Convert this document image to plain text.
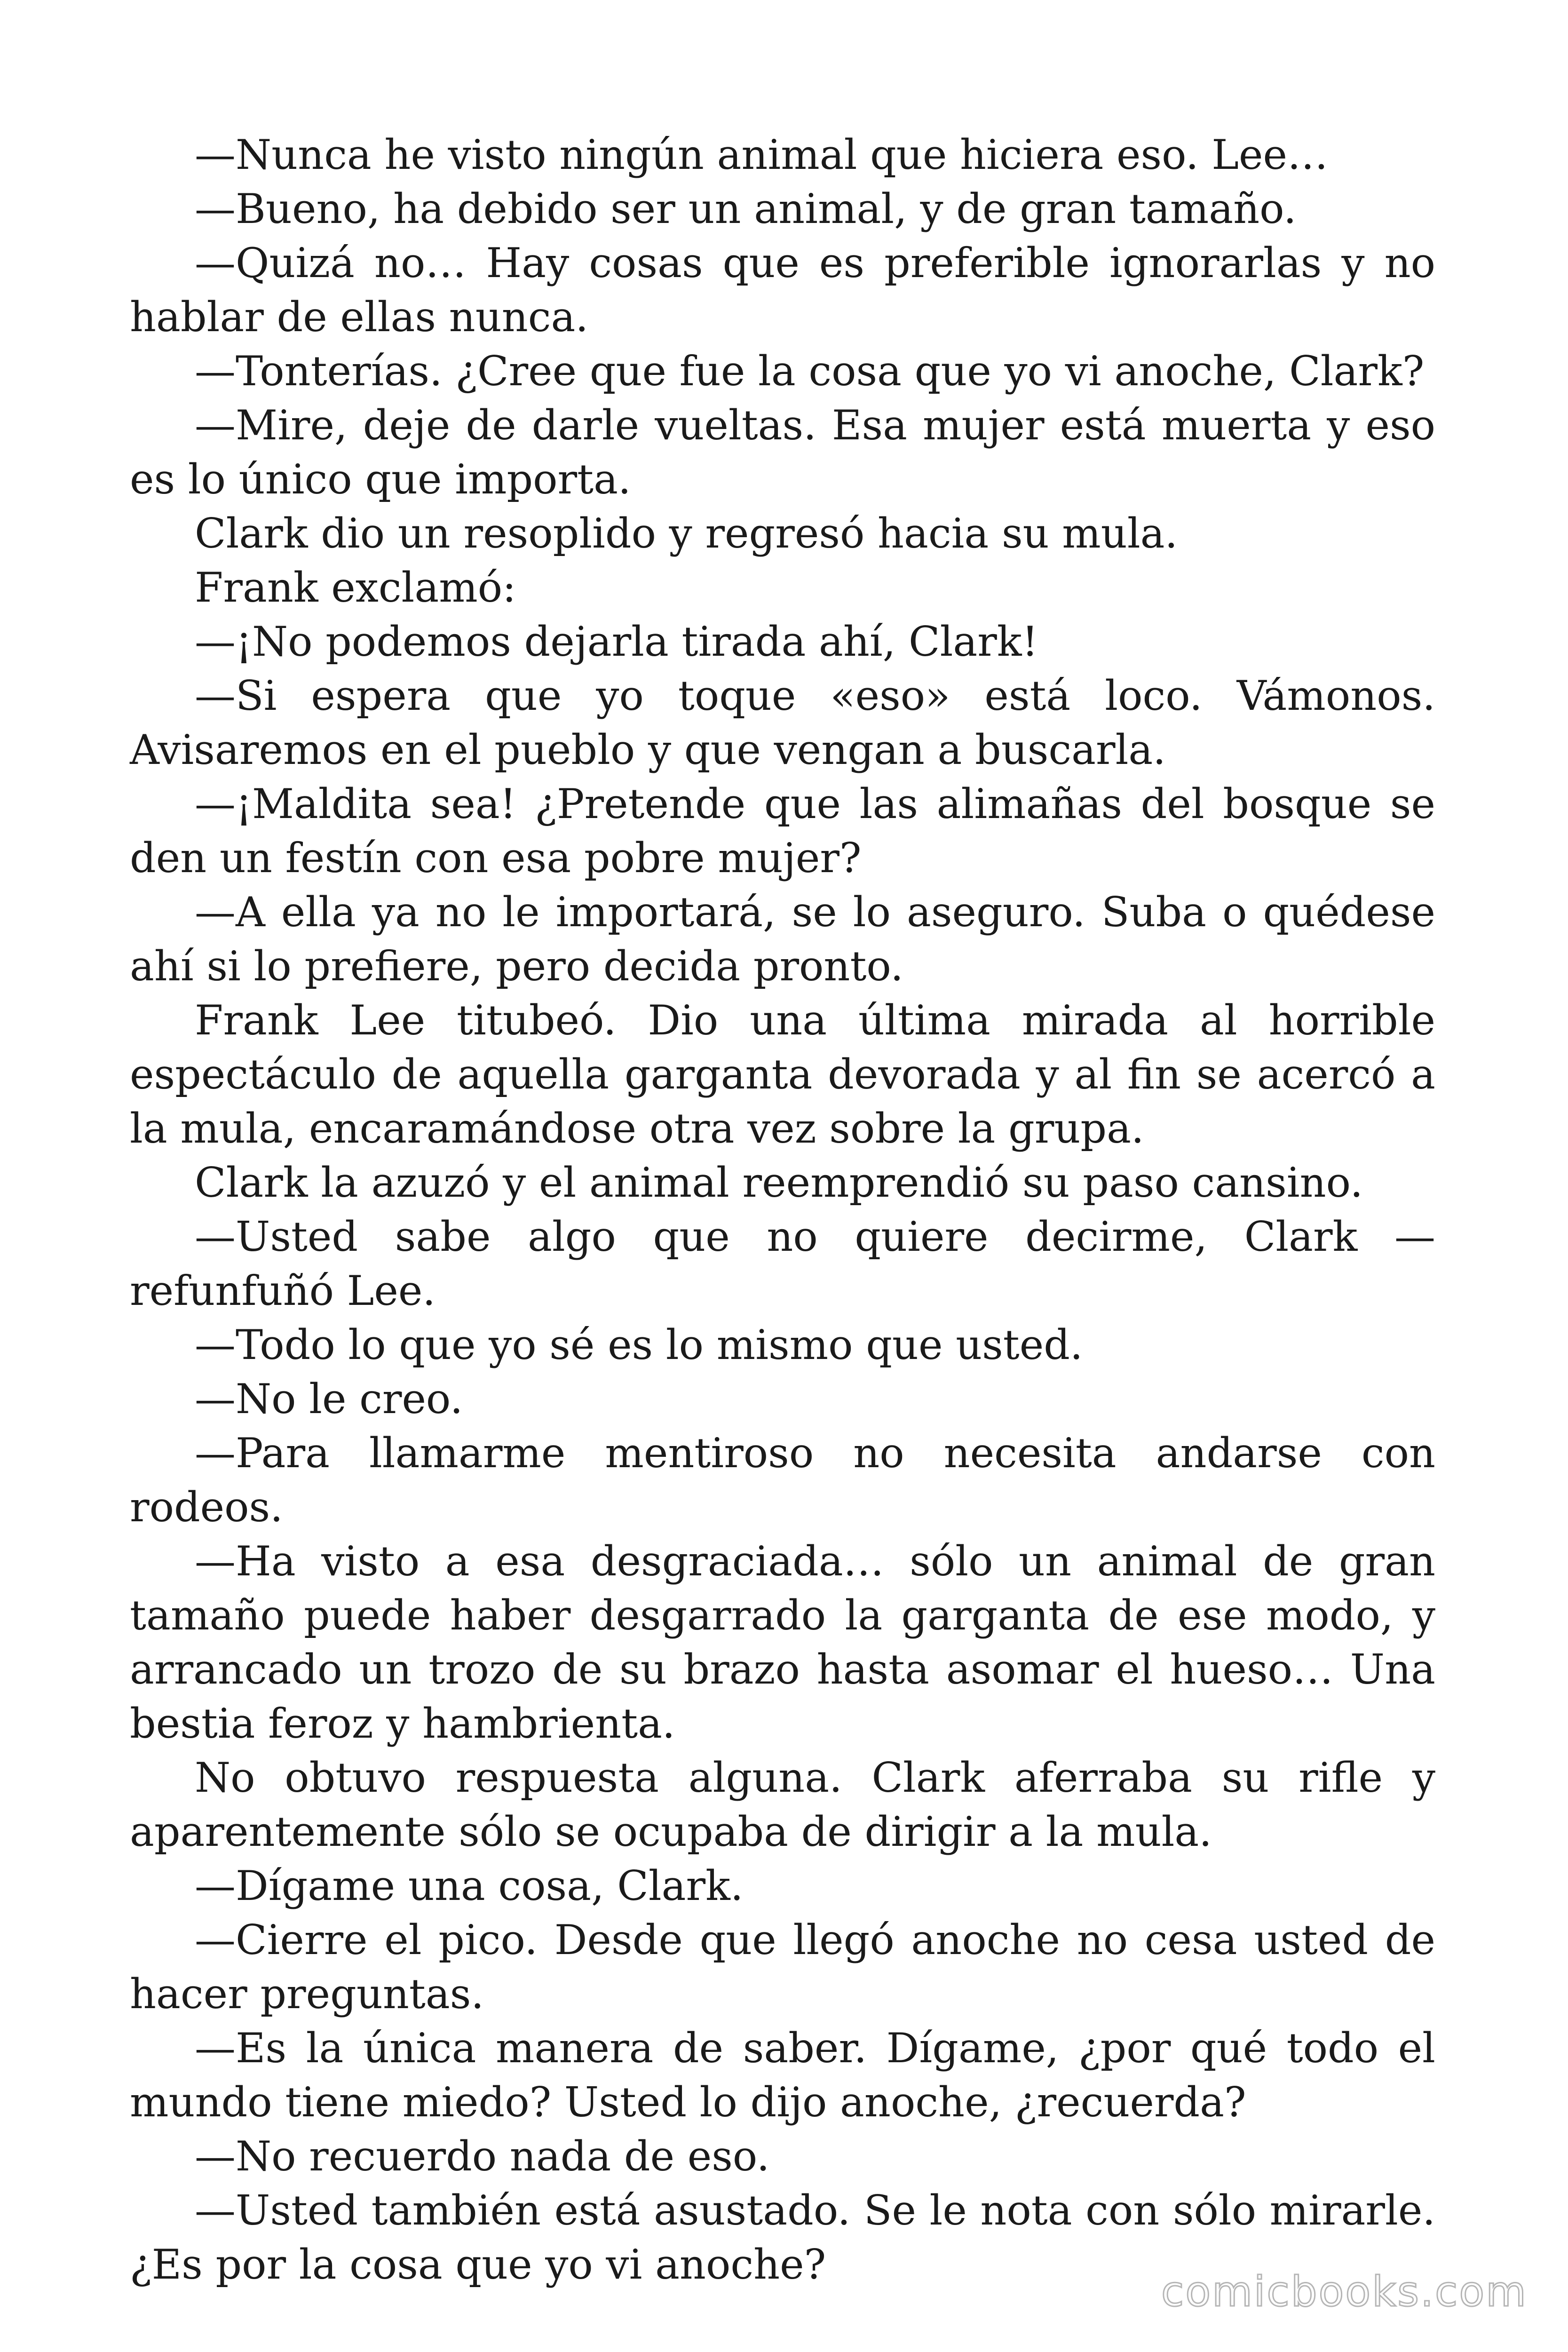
—Nunca he visto ningún animal que hiciera eso. Lee…

—Bueno, ha debido ser un animal, y de gran tamaño.

—Quizá no… Hay cosas que es preferible ignorarlas y no hablar de ellas nunca.

—Tonterías. ¿Cree que fue la cosa que yo vi anoche, Clark?

—Mire, deje de darle vueltas. Esa mujer está muerta y eso es lo único que importa.

Clark dio un resoplido y regresó hacia su mula.

Frank exclamó:

—¡No podemos dejarla tirada ahí, Clark!

—Si espera que yo toque «eso» está loco. Vámonos. Avisaremos en el pueblo y que vengan a buscarla.

—¡Maldita sea! ¿Pretende que las alimañas del bosque se den un festín con esa pobre mujer?

—A ella ya no le importará, se lo aseguro. Suba o quédese ahí si lo prefiere, pero decida pronto.

Frank Lee titubeó. Dio una última mirada al horrible espectáculo de aquella garganta devorada y al fin se acercó a la mula, encaramándose otra vez sobre la grupa.

Clark la azuzó y el animal reemprendió su paso cansino.

—Usted sabe algo que no quiere decirme, Clark —refunfuñó Lee.

—Todo lo que yo sé es lo mismo que usted.

—No le creo.

—Para llamarme mentiroso no necesita andarse con rodeos.

—Ha visto a esa desgraciada… sólo un animal de gran tamaño puede haber desgarrado la garganta de ese modo, y arrancado un trozo de su brazo hasta asomar el hueso… Una bestia feroz y hambrienta.

No obtuvo respuesta alguna. Clark aferraba su rifle y aparentemente sólo se ocupaba de dirigir a la mula.

—Dígame una cosa, Clark.

—Cierre el pico. Desde que llegó anoche no cesa usted de hacer preguntas.

—Es la única manera de saber. Dígame, ¿por qué todo el mundo tiene miedo? Usted lo dijo anoche, ¿recuerda?

—No recuerdo nada de eso.

—Usted también está asustado. Se le nota con sólo mirarle. ¿Es por la cosa que yo vi anoche?

comicbooks.com
